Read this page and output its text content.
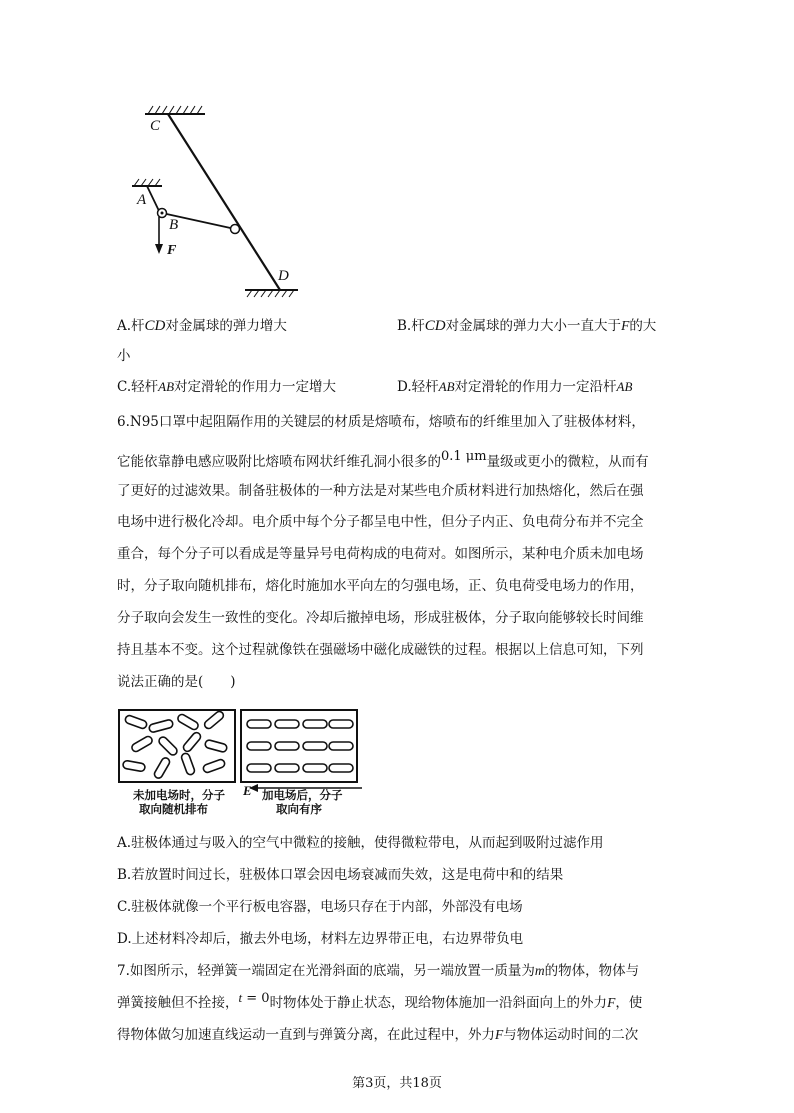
C
A
B
F
D
A.杆CD对金属球的弹力增大	B.杆CD对金属球的弹力大小一直大于F的大
小
C.轻杆AB对定滑轮的作用力一定增大	D.轻杆AB对定滑轮的作用力一定沿杆AB
6.N95口罩中起阻隔作用的关键层的材质是熔喷布，熔喷布的纤维里加入了驻极体材料，
它能依靠静电感应吸附比熔喷布网状纤维孔洞小很多的0.1 μm量级或更小的微粒，从而有
了更好的过滤效果。制备驻极体的一种方法是对某些电介质材料进行加热熔化，然后在强
电场中进行极化冷却。电介质中每个分子都呈电中性，但分子内正、负电荷分布并不完全
重合，每个分子可以看成是等量异号电荷构成的电荷对。如图所示，某种电介质未加电场
时，分子取向随机排布，熔化时施加水平向左的匀强电场，正、负电荷受电场力的作用，
分子取向会发生一致性的变化。冷却后撤掉电场，形成驻极体，分子取向能够较长时间维
持且基本不变。这个过程就像铁在强磁场中磁化成磁铁的过程。根据以上信息可知，下列
说法正确的是(　　)
E
未加电场时，分子
取向随机排布
加电场后，分子
取向有序
A.驻极体通过与吸入的空气中微粒的接触，使得微粒带电，从而起到吸附过滤作用
B.若放置时间过长，驻极体口罩会因电场衰减而失效，这是电荷中和的结果
C.驻极体就像一个平行板电容器，电场只存在于内部，外部没有电场
D.上述材料冷却后，撤去外电场，材料左边界带正电，右边界带负电
7.如图所示，轻弹簧一端固定在光滑斜面的底端，另一端放置一质量为m的物体，物体与
弹簧接触但不拴接，t = 0时物体处于静止状态，现给物体施加一沿斜面向上的外力F，使
得物体做匀加速直线运动一直到与弹簧分离，在此过程中，外力F与物体运动时间的二次
第3页，共18页
